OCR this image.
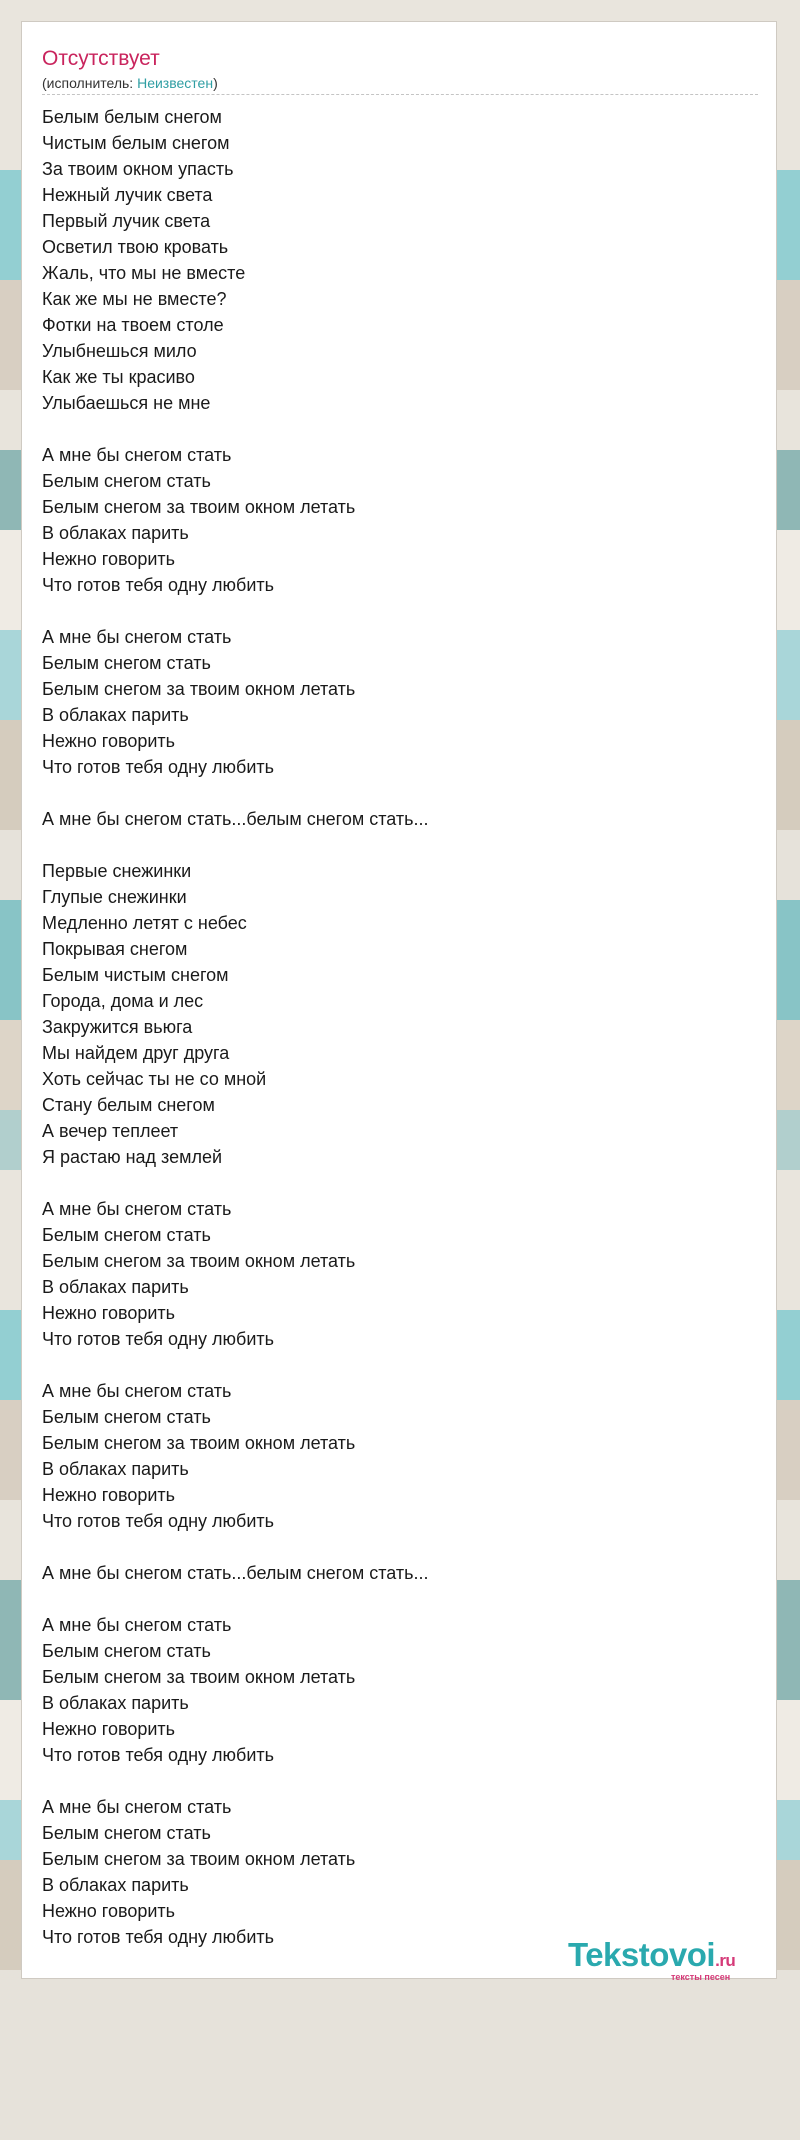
Отсутствует
(исполнитель: Неизвестен)
Белым белым снегом
Чистым белым снегом
За твоим окном упасть
Нежный лучик света
Первый лучик света
Осветил твою кровать
Жаль, что мы не вместе
Как же мы не вместе?
Фотки на твоем столе
Улыбнешься мило
Как же ты красиво
Улыбаешься не мне
А мне бы снегом стать
Белым снегом стать
Белым снегом за твоим окном летать
В облаках парить
Нежно говорить
Что готов тебя одну любить
А мне бы снегом стать
Белым снегом стать
Белым снегом за твоим окном летать
В облаках парить
Нежно говорить
Что готов тебя одну любить
А мне бы снегом стать...белым снегом стать...
Первые снежинки
Глупые снежинки
Медленно летят с небес
Покрывая снегом
Белым чистым снегом
Города, дома и лес
Закружится вьюга
Мы найдем друг друга
Хоть сейчас ты не со мной
Стану белым снегом
А вечер теплеет
Я растаю над землей
А мне бы снегом стать
Белым снегом стать
Белым снегом за твоим окном летать
В облаках парить
Нежно говорить
Что готов тебя одну любить
А мне бы снегом стать
Белым снегом стать
Белым снегом за твоим окном летать
В облаках парить
Нежно говорить
Что готов тебя одну любить
А мне бы снегом стать...белым снегом стать...
А мне бы снегом стать
Белым снегом стать
Белым снегом за твоим окном летать
В облаках парить
Нежно говорить
Что готов тебя одну любить
А мне бы снегом стать
Белым снегом стать
Белым снегом за твоим окном летать
В облаках парить
Нежно говорить
Что готов тебя одну любить	Tekstovoi.ru
тексты песен
